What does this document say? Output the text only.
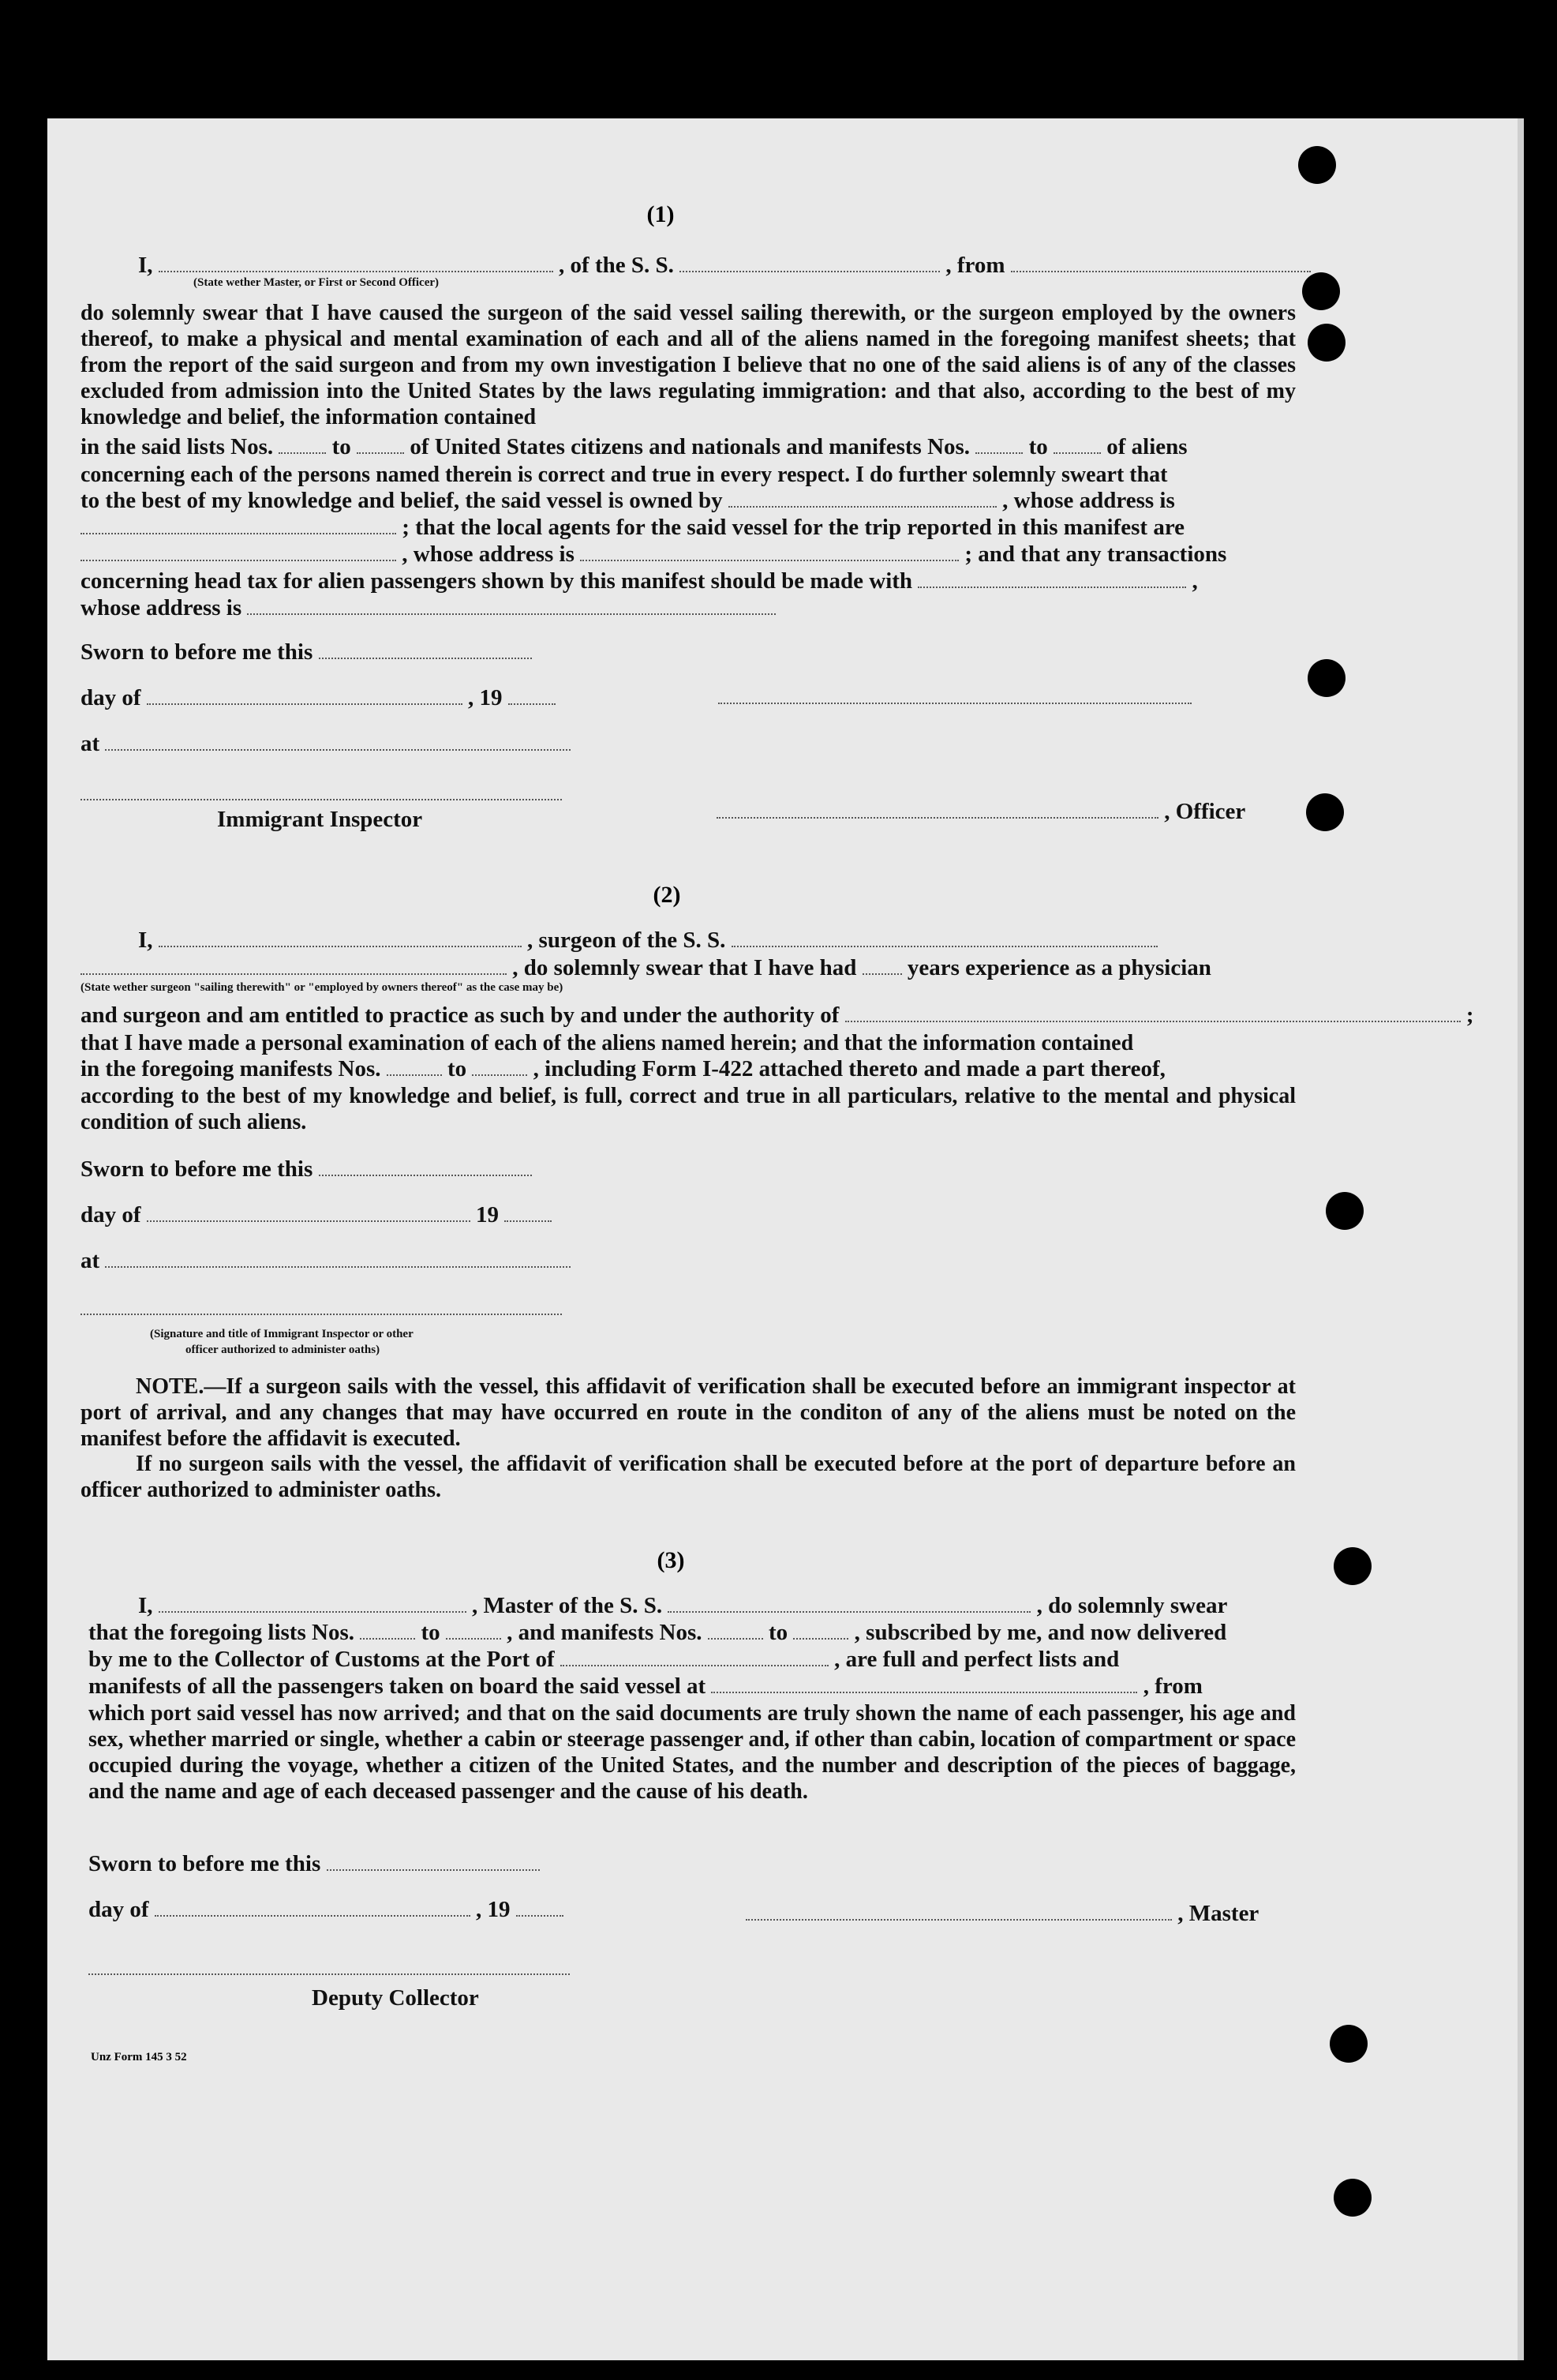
(1)
I,	, of the S. S.	, from
(State wether Master, or First or Second Officer)
do solemnly swear that I have caused the surgeon of the said vessel sailing therewith, or the surgeon employed by the owners thereof, to make a physical and mental examination of each and all of the aliens named in the foregoing manifest sheets; that from the report of the said surgeon and from my own investigation I believe that no one of the said aliens is of any of the classes excluded from admission into the United States by the laws regulating immigration: and that also, according to the best of my knowledge and belief, the information contained
in the said lists Nos.	to	of United States citizens and nationals and manifests Nos.	to	of aliens
concerning each of the persons named therein is correct and true in every respect. I do further solemnly sweart that
to the best of my knowledge and belief, the said vessel is owned by	, whose address is
; that the local agents for the said vessel for the trip reported in this manifest are
, whose address is	; and that any transactions
concerning head tax for alien passengers shown by this manifest should be made with	,
whose address is
Sworn to before me this
day of	, 19
at
Immigrant Inspector	, Officer
(2)
I,	, surgeon of the S. S.
, do solemnly swear that I have had years experience as a physician
(State wether surgeon "sailing therewith" or "employed by owners thereof" as the case may be)
and surgeon and am entitled to practice as such by and under the authority of	;
that I have made a personal examination of each of the aliens named herein; and that the information contained
in the foregoing manifests Nos.	to	, including Form I-422 attached thereto and made a part thereof,
according to the best of my knowledge and belief, is full, correct and true in all particulars, relative to the mental and physical condition of such aliens.
Sworn to before me this
day of	19
at
(Signature and title of Immigrant Inspector or other
officer authorized to administer oaths)
NOTE.—If a surgeon sails with the vessel, this affidavit of verification shall be executed before an immigrant inspector at port of arrival, and any changes that may have occurred en route in the conditon of any of the aliens must be noted on the manifest before the affidavit is executed.
If no surgeon sails with the vessel, the affidavit of verification shall be executed before at the port of departure before an officer authorized to administer oaths.
(3)
I,	, Master of the S. S.	, do solemnly swear
that the foregoing lists Nos.	to	, and manifests Nos.	to	, subscribed by me, and now delivered
by me to the Collector of Customs at the Port of	, are full and perfect lists and
manifests of all the passengers taken on board the said vessel at	, from
which port said vessel has now arrived; and that on the said documents are truly shown the name of each passenger, his age and sex, whether married or single, whether a cabin or steerage passenger and, if other than cabin, location of compartment or space occupied during the voyage, whether a citizen of the United States, and the number and description of the pieces of baggage, and the name and age of each deceased passenger and the cause of his death.
Sworn to before me this
day of	, 19	, Master
Deputy Collector
Unz Form 145 3 52
